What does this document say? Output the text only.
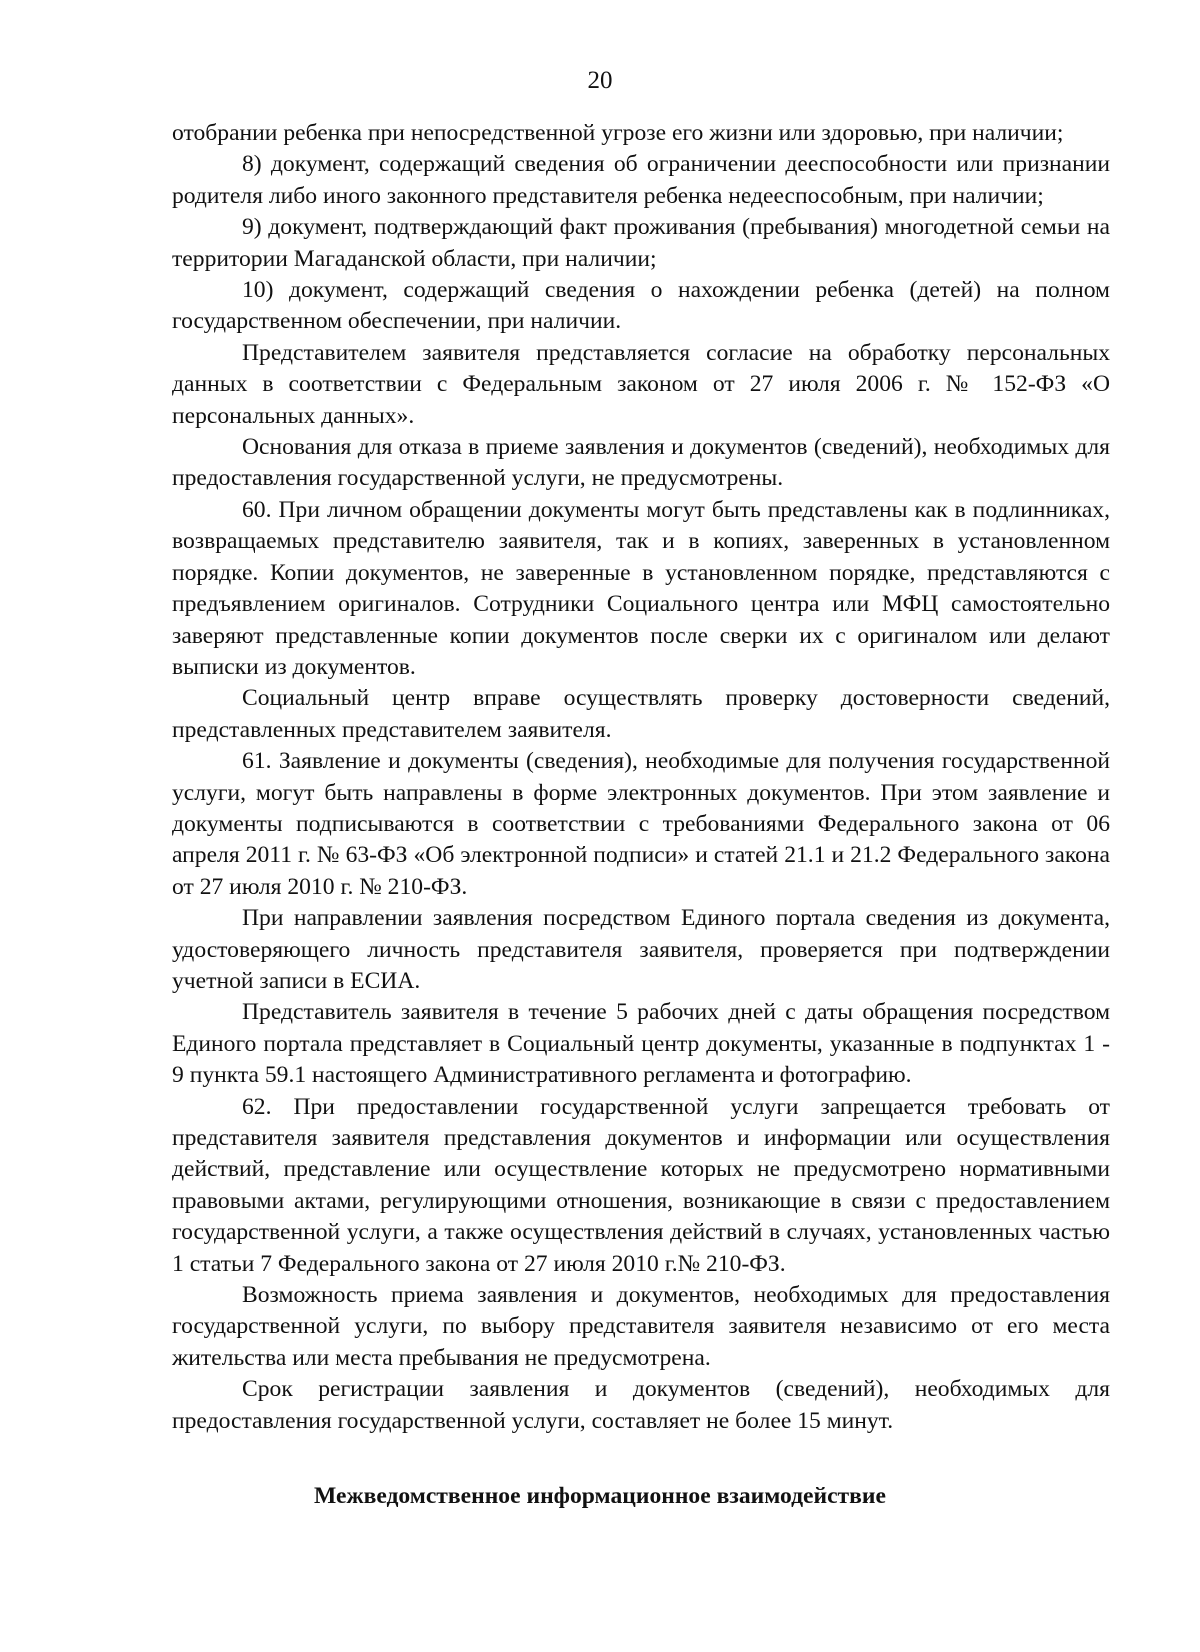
20

отобрании ребенка при непосредственной угрозе его жизни или здоровью, при наличии;

8) документ, содержащий сведения об ограничении дееспособности или признании родителя либо иного законного представителя ребенка недееспособным, при наличии;

9) документ, подтверждающий факт проживания (пребывания) многодетной семьи на территории Магаданской области, при наличии;

10) документ, содержащий сведения о нахождении ребенка (детей) на полном государственном обеспечении, при наличии.

Представителем заявителя представляется согласие на обработку персональных данных в соответствии с Федеральным законом от 27 июля 2006 г. № 152-ФЗ «О персональных данных».

Основания для отказа в приеме заявления и документов (сведений), необходимых для предоставления государственной услуги, не предусмотрены.

60. При личном обращении документы могут быть представлены как в подлинниках, возвращаемых представителю заявителя, так и в копиях, заверенных в установленном порядке. Копии документов, не заверенные в установленном порядке, представляются с предъявлением оригиналов. Сотрудники Социального центра или МФЦ самостоятельно заверяют представленные копии документов после сверки их с оригиналом или делают выписки из документов.

Социальный центр вправе осуществлять проверку достоверности сведений, представленных представителем заявителя.

61. Заявление и документы (сведения), необходимые для получения государственной услуги, могут быть направлены в форме электронных документов. При этом заявление и документы подписываются в соответствии с требованиями Федерального закона от 06 апреля 2011 г. № 63-ФЗ «Об электронной подписи» и статей 21.1 и 21.2 Федерального закона от 27 июля 2010 г. № 210-ФЗ.

При направлении заявления посредством Единого портала сведения из документа, удостоверяющего личность представителя заявителя, проверяется при подтверждении учетной записи в ЕСИА.

Представитель заявителя в течение 5 рабочих дней с даты обращения посредством Единого портала представляет в Социальный центр документы, указанные в подпунктах 1 - 9 пункта 59.1 настоящего Административного регламента и фотографию.

62. При предоставлении государственной услуги запрещается требовать от представителя заявителя представления документов и информации или осуществления действий, представление или осуществление которых не предусмотрено нормативными правовыми актами, регулирующими отношения, возникающие в связи с предоставлением государственной услуги, а также осуществления действий в случаях, установленных частью 1 статьи 7 Федерального закона от 27 июля 2010 г.№ 210-ФЗ.

Возможность приема заявления и документов, необходимых для предоставления государственной услуги, по выбору представителя заявителя независимо от его места жительства или места пребывания не предусмотрена.

Срок регистрации заявления и документов (сведений), необходимых для предоставления государственной услуги, составляет не более 15 минут.

Межведомственное информационное взаимодействие
